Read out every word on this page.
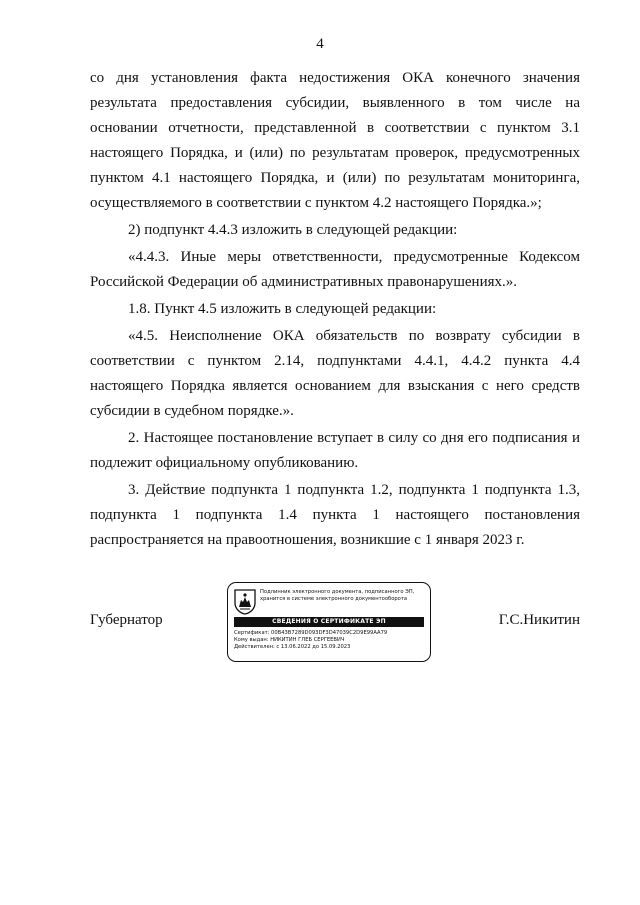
4

со дня установления факта недостижения ОКА конечного значения результата предоставления субсидии, выявленного в том числе на основании отчетности, представленной в соответствии с пунктом 3.1 настоящего Порядка, и (или) по результатам проверок, предусмотренных пунктом 4.1 настоящего Порядка, и (или) по результатам мониторинга, осуществляемого в соответствии с пунктом 4.2 настоящего Порядка.»;

2) подпункт 4.4.3 изложить в следующей редакции:

«4.4.3. Иные меры ответственности, предусмотренные Кодексом Российской Федерации об административных правонарушениях.».

1.8. Пункт 4.5 изложить в следующей редакции:

«4.5. Неисполнение ОКА обязательств по возврату субсидии в соответствии с пунктом 2.14, подпунктами 4.4.1, 4.4.2 пункта 4.4 настоящего Порядка является основанием для взыскания с него средств субсидии в судебном порядке.».

2. Настоящее постановление вступает в силу со дня его подписания и подлежит официальному опубликованию.

3. Действие подпункта 1 подпункта 1.2, подпункта 1 подпункта 1.3, подпункта 1 подпункта 1.4 пункта 1 настоящего постановления распространяется на правоотношения, возникшие с 1 января 2023 г.

Губернатор
Подлинник электронного документа, подписанного ЭП, хранится в системе электронного документооборота
СВЕДЕНИЯ О СЕРТИФИКАТЕ ЭП
Сертификат: 00B43B7289D093DF3D47039C2D9E99AA79
Кому выдан: НИКИТИН ГЛЕБ СЕРГЕЕВИЧ
Действителен: с 13.06.2022 до 15.09.2023
Г.С.Никитин
